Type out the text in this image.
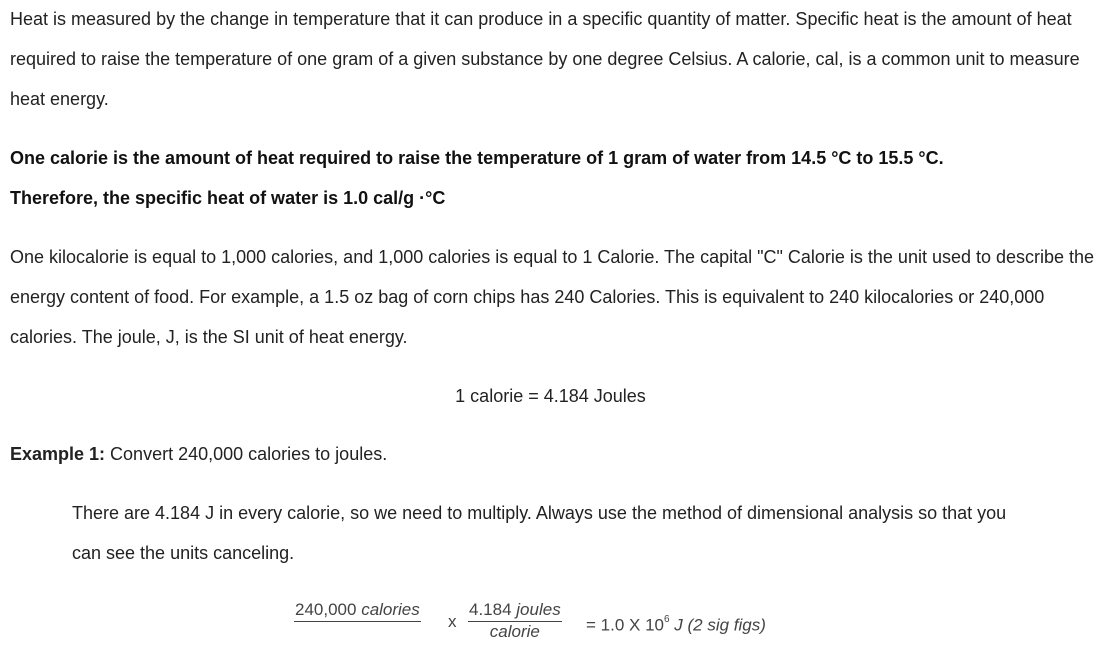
Heat is measured by the change in temperature that it can produce in a specific quantity of matter. Specific heat is the amount of heat required to raise the temperature of one gram of a given substance by one degree Celsius. A calorie, cal, is a common unit to measure heat energy.

One calorie is the amount of heat required to raise the temperature of 1 gram of water from 14.5 °C to 15.5 °C.
Therefore, the specific heat of water is 1.0 cal/g ·°C

One kilocalorie is equal to 1,000 calories, and 1,000 calories is equal to 1 Calorie. The capital "C" Calorie is the unit used to describe the energy content of food. For example, a 1.5 oz bag of corn chips has 240 Calories. This is equivalent to 240 kilocalories or 240,000 calories. The joule, J, is the SI unit of heat energy.

1 calorie = 4.184 Joules

Example 1: Convert 240,000 calories to joules.

There are 4.184 J in every calorie, so we need to multiply. Always use the method of dimensional analysis so that you can see the units canceling.

240,000 calories
x
4.184 joules
calorie	= 1.0 X $10^6$ J (2 sig figs)
